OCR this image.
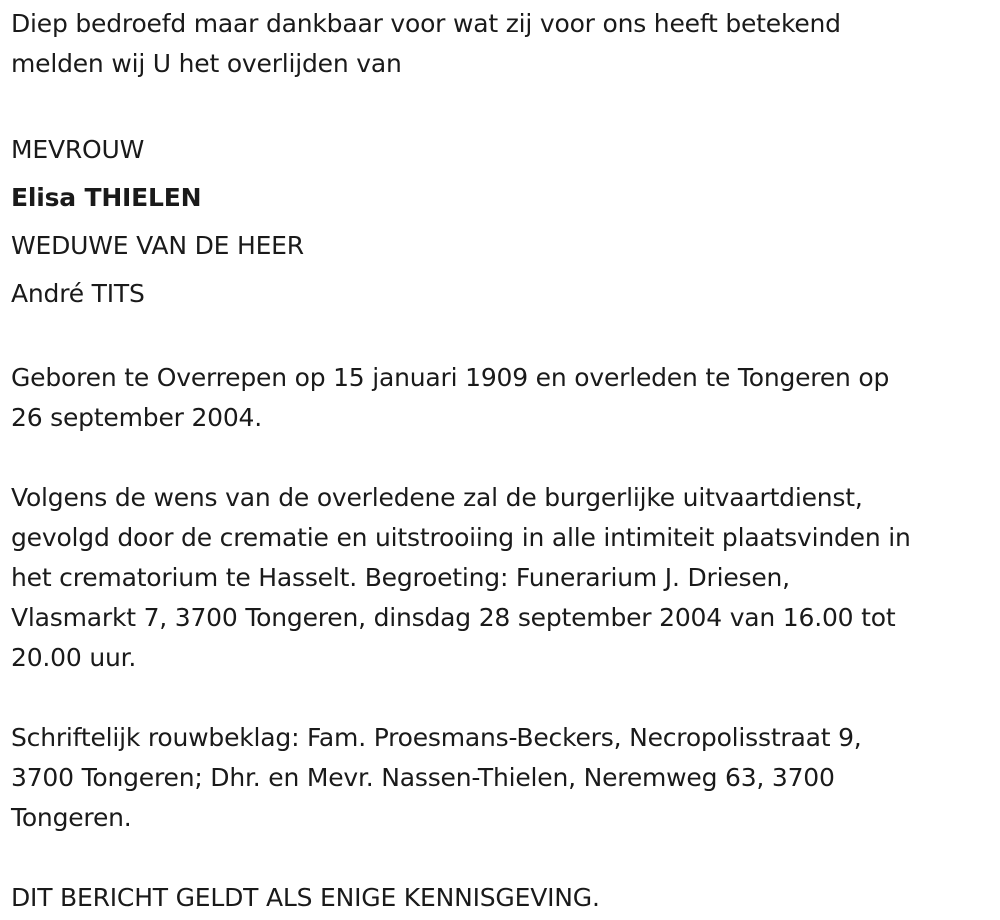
Diep bedroefd maar dankbaar voor wat zij voor ons heeft betekend

melden wij U het overlijden van

MEVROUW

Elisa THIELEN

WEDUWE VAN DE HEER

André TITS

Geboren te Overrepen op 15 januari 1909 en overleden te Tongeren op

26 september 2004.

Volgens de wens van de overledene zal de burgerlijke uitvaartdienst,

gevolgd door de crematie en uitstrooiing in alle intimiteit plaatsvinden in

het crematorium te Hasselt. Begroeting: Funerarium J. Driesen,

Vlasmarkt 7, 3700 Tongeren, dinsdag 28 september 2004 van 16.00 tot

20.00 uur.

Schriftelijk rouwbeklag: Fam. Proesmans-Beckers, Necropolisstraat 9,

3700 Tongeren; Dhr. en Mevr. Nassen-Thielen, Neremweg 63, 3700

Tongeren.

DIT BERICHT GELDT ALS ENIGE KENNISGEVING.
